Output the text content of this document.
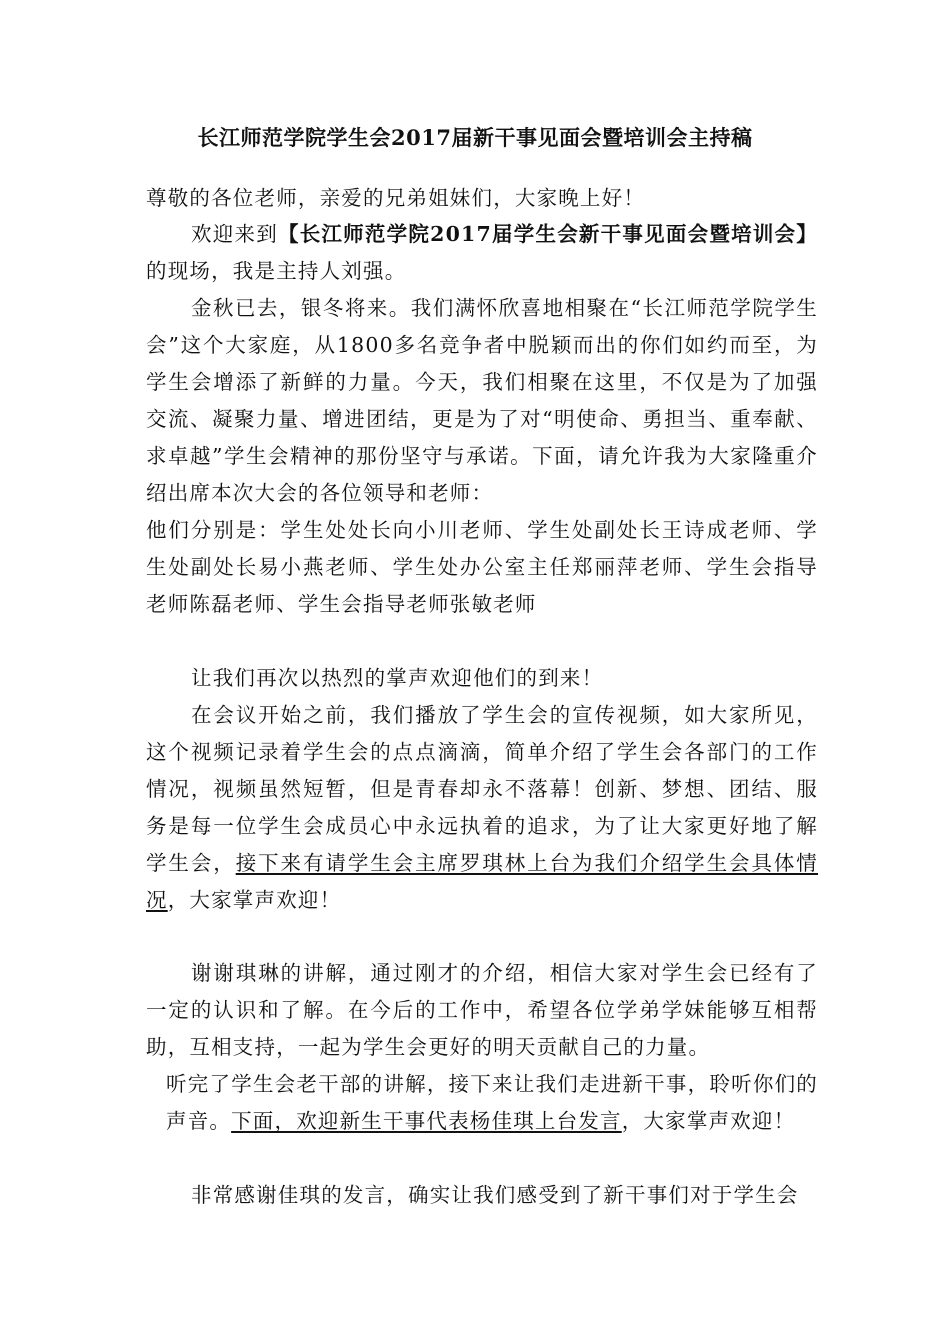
长江师范学院学生会2017届新干事见面会暨培训会主持稿
尊敬的各位老师，亲爱的兄弟姐妹们，大家晚上好！
欢迎来到【长江师范学院2017届学生会新干事见面会暨培训会】的现场，我是主持人刘强。
金秋已去，银冬将来。我们满怀欣喜地相聚在“长江师范学院学生会”这个大家庭，从1800多名竞争者中脱颖而出的你们如约而至，为学生会增添了新鲜的力量。今天，我们相聚在这里，不仅是为了加强交流、凝聚力量、增进团结，更是为了对“明使命、勇担当、重奉献、求卓越”学生会精神的那份坚守与承诺。下面，请允许我为大家隆重介绍出席本次大会的各位领导和老师：
他们分别是：学生处处长向小川老师、学生处副处长王诗成老师、学生处副处长易小燕老师、学生处办公室主任郑丽萍老师、学生会指导老师陈磊老师、学生会指导老师张敏老师
让我们再次以热烈的掌声欢迎他们的到来！
在会议开始之前，我们播放了学生会的宣传视频，如大家所见，这个视频记录着学生会的点点滴滴，简单介绍了学生会各部门的工作情况，视频虽然短暂，但是青春却永不落幕！创新、梦想、团结、服务是每一位学生会成员心中永远执着的追求，为了让大家更好地了解学生会，接下来有请学生会主席罗琪林上台为我们介绍学生会具体情况，大家掌声欢迎！
谢谢琪琳的讲解，通过刚才的介绍，相信大家对学生会已经有了一定的认识和了解。在今后的工作中，希望各位学弟学妹能够互相帮助，互相支持，一起为学生会更好的明天贡献自己的力量。
听完了学生会老干部的讲解，接下来让我们走进新干事，聆听你们的声音。下面，欢迎新生干事代表杨佳琪上台发言，大家掌声欢迎！
非常感谢佳琪的发言，确实让我们感受到了新干事们对于学生会
